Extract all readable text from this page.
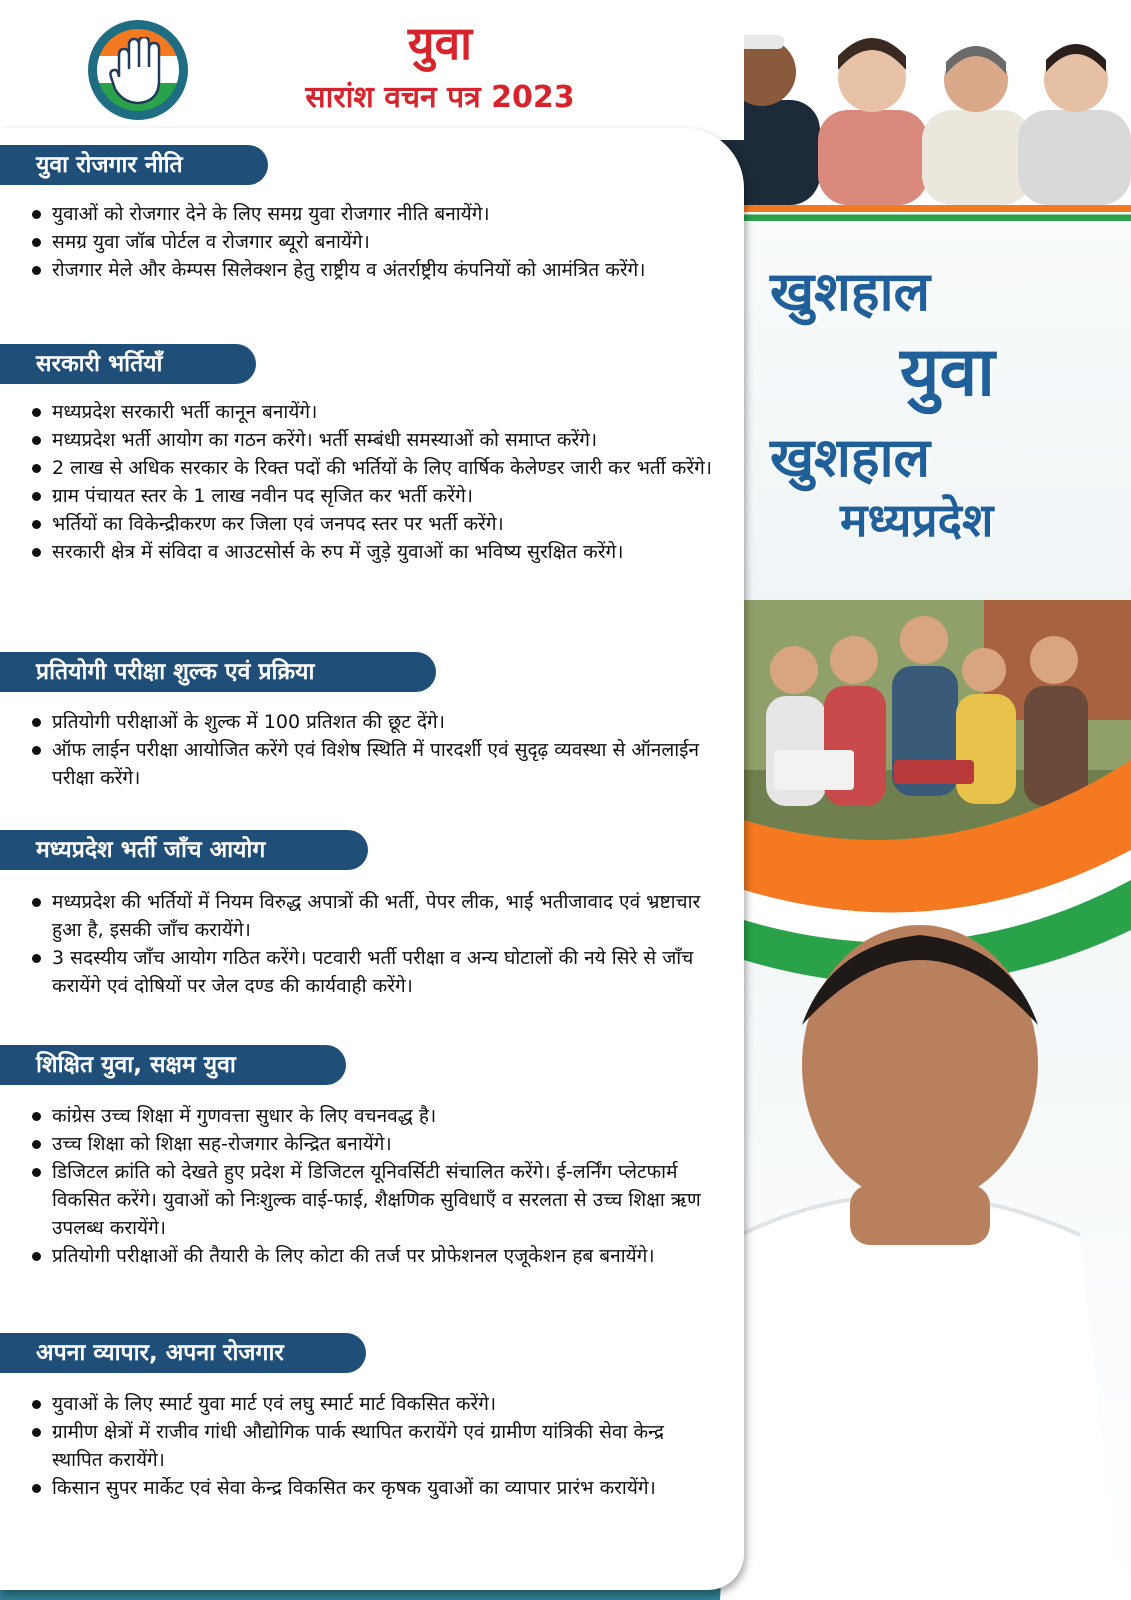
खुशहाल
युवा
खुशहाल
मध्यप्रदेश
युवा
सारांश वचन पत्र 2023
युवा रोजगार नीति
युवाओं को रोजगार देने के लिए समग्र युवा रोजगार नीति बनायेंगे।
समग्र युवा जॉब पोर्टल व रोजगार ब्यूरो बनायेंगे।
रोजगार मेले और केम्पस सिलेक्शन हेतु राष्ट्रीय व अंतर्राष्ट्रीय कंपनियों को आमंत्रित करेंगे।
सरकारी भर्तियाँ
मध्यप्रदेश सरकारी भर्ती कानून बनायेंगे।
मध्यप्रदेश भर्ती आयोग का गठन करेंगे। भर्ती सम्बंधी समस्याओं को समाप्त करेंगे।
2 लाख से अधिक सरकार के रिक्त पदों की भर्तियों के लिए वार्षिक केलेण्डर जारी कर भर्ती करेंगे।
ग्राम पंचायत स्तर के 1 लाख नवीन पद सृजित कर भर्ती करेंगे।
भर्तियों का विकेन्द्रीकरण कर जिला एवं जनपद स्तर पर भर्ती करेंगे।
सरकारी क्षेत्र में संविदा व आउटसोर्स के रुप में जुड़े युवाओं का भविष्य सुरक्षित करेंगे।
प्रतियोगी परीक्षा शुल्क एवं प्रक्रिया
प्रतियोगी परीक्षाओं के शुल्क में 100 प्रतिशत की छूट देंगे।
ऑफ लाईन परीक्षा आयोजित करेंगे एवं विशेष स्थिति में पारदर्शी एवं सुदृढ़ व्यवस्था से ऑनलाईन परीक्षा करेंगे।
मध्यप्रदेश भर्ती जाँच आयोग
मध्यप्रदेश की भर्तियों में नियम विरुद्ध अपात्रों की भर्ती, पेपर लीक, भाई भतीजावाद एवं भ्रष्टाचार हुआ है, इसकी जाँच करायेंगे।
3 सदस्यीय जाँच आयोग गठित करेंगे। पटवारी भर्ती परीक्षा व अन्य घोटालों की नये सिरे से जाँच करायेंगे एवं दोषियों पर जेल दण्ड की कार्यवाही करेंगे।
शिक्षित युवा, सक्षम युवा
कांग्रेस उच्च शिक्षा में गुणवत्ता सुधार के लिए वचनवद्ध है।
उच्च शिक्षा को शिक्षा सह-रोजगार केन्द्रित बनायेंगे।
डिजिटल क्रांति को देखते हुए प्रदेश में डिजिटल यूनिवर्सिटी संचालित करेंगे। ई-लर्निंग प्लेटफार्म विकसित करेंगे। युवाओं को निःशुल्क वाई-फाई, शैक्षणिक सुविधाएँ व सरलता से उच्च शिक्षा ऋण उपलब्ध करायेंगे।
प्रतियोगी परीक्षाओं की तैयारी के लिए कोटा की तर्ज पर प्रोफेशनल एजूकेशन हब बनायेंगे।
अपना व्यापार, अपना रोजगार
युवाओं के लिए स्मार्ट युवा मार्ट एवं लघु स्मार्ट मार्ट विकसित करेंगे।
ग्रामीण क्षेत्रों में राजीव गांधी औद्योगिक पार्क स्थापित करायेंगे एवं ग्रामीण यांत्रिकी सेवा केन्द्र स्थापित करायेंगे।
किसान सुपर मार्केट एवं सेवा केन्द्र विकसित कर कृषक युवाओं का व्यापार प्रारंभ करायेंगे।
(1)
